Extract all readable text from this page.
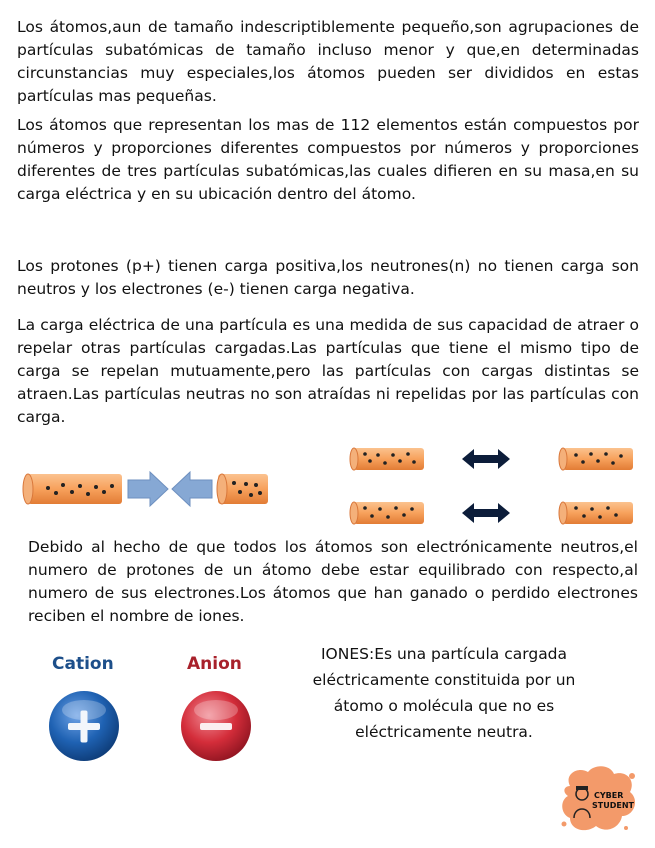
Los átomos,aun de tamaño indescriptiblemente pequeño,son agrupaciones de partículas subatómicas de tamaño incluso menor y que,en determinadas circunstancias muy especiales,los átomos pueden ser divididos en estas partículas mas pequeñas.

Los átomos que representan los mas de 112 elementos están compuestos por números y proporciones diferentes compuestos por números y proporciones diferentes de tres partículas subatómicas,las cuales difieren en su masa,en su carga eléctrica y en su ubicación dentro del átomo.

Los protones (p+) tienen carga positiva,los neutrones(n) no tienen carga son neutros y los electrones (e-) tienen carga negativa.

La carga eléctrica de una partícula es una medida de sus capacidad de atraer o repelar otras partículas cargadas.Las partículas que tiene el mismo tipo de carga se repelan mutuamente,pero las partículas con cargas distintas se atraen.Las partículas neutras no son atraídas ni repelidas por las partículas con carga.

Debido al hecho de que todos los átomos son electrónicamente neutros,el numero de protones de un átomo debe estar equilibrado con respecto,al numero de sus electrones.Los átomos que han ganado o perdido electrones reciben el nombre de iones.

Cation	Anion	IONES:Es una partícula cargada eléctricamente constituida por un átomo o molécula que no es eléctricamente neutra.

CYBER
STUDENT
